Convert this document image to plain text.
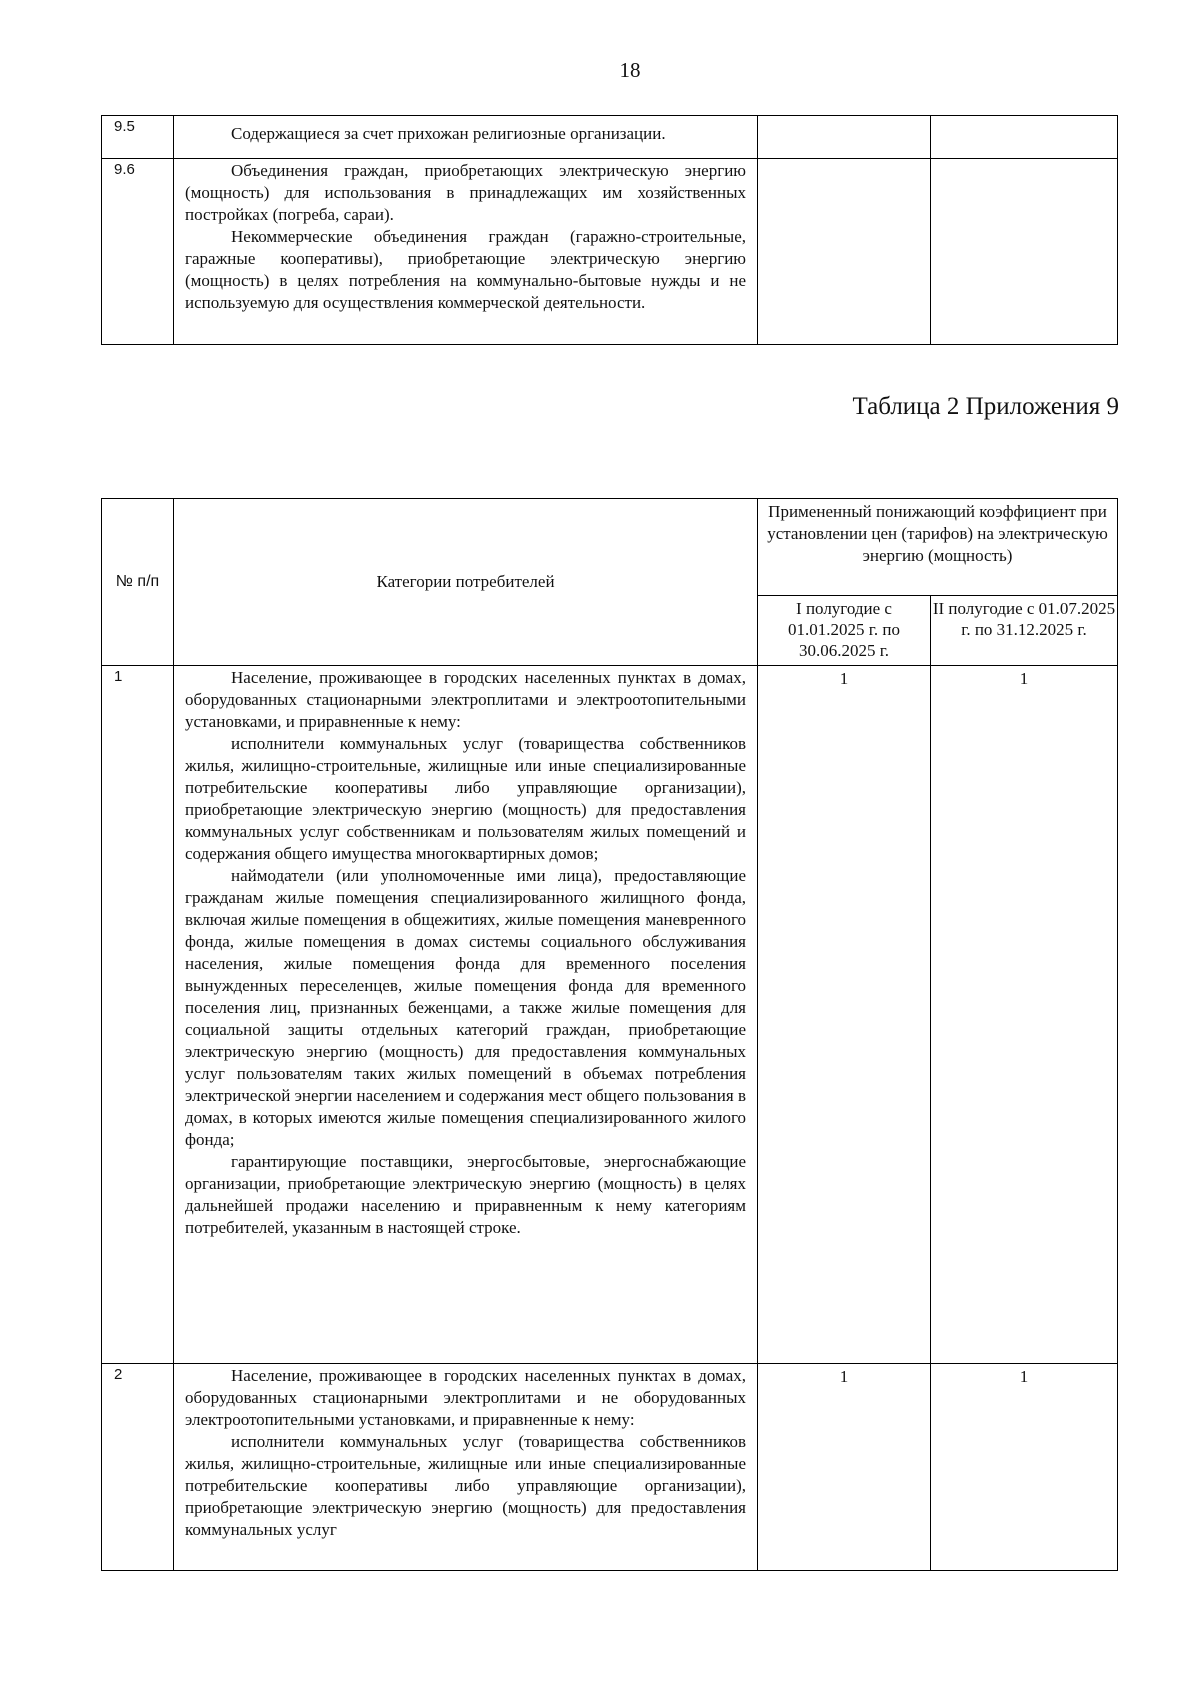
18
9.5	Содержащиеся за счет прихожан религиозные организации.		

9.6	Объединения граждан, приобретающих электрическую энергию (мощность) для использования в принадлежащих им хозяйственных постройках (погреба, сараи).

Некоммерческие объединения граждан (гаражно-строительные, гаражные кооперативы), приобретающие электрическую энергию (мощность) в целях потребления на коммунально-бытовые нужды и не используемую для осуществления коммерческой деятельности.		

Таблица 2 Приложения 9
№ п/п	Категории потребителей	Примененный понижающий коэффициент при установлении цен (тарифов) на электрическую энергию (мощность)	
		I полугодие с 01.01.2025 г. по 30.06.2025 г.	II полугодие с 01.07.2025 г. по 31.12.2025 г.

1	Население, проживающее в городских населенных пунктах в домах, оборудованных стационарными электроплитами и электроотопительными установками, и приравненные к нему:

исполнители коммунальных услуг (товарищества собственников жилья, жилищно-строительные, жилищные или иные специализированные потребительские кооперативы либо управляющие организации), приобретающие электрическую энергию (мощность) для предоставления коммунальных услуг собственникам и пользователям жилых помещений и содержания общего имущества многоквартирных домов;

наймодатели (или уполномоченные ими лица), предоставляющие гражданам жилые помещения специализированного жилищного фонда, включая жилые помещения в общежитиях, жилые помещения маневренного фонда, жилые помещения в домах системы социального обслуживания населения, жилые помещения фонда для временного поселения вынужденных переселенцев, жилые помещения фонда для временного поселения лиц, признанных беженцами, а также жилые помещения для социальной защиты отдельных категорий граждан, приобретающие электрическую энергию (мощность) для предоставления коммунальных услуг пользователям таких жилых помещений в объемах потребления электрической энергии населением и содержания мест общего пользования в домах, в которых имеются жилые помещения специализированного жилого фонда;

гарантирующие поставщики, энергосбытовые, энергоснабжающие организации, приобретающие электрическую энергию (мощность) в целях дальнейшей продажи населению и приравненным к нему категориям потребителей, указанным в настоящей строке.	1	1

2	Население, проживающее в городских населенных пунктах в домах, оборудованных стационарными электроплитами и не оборудованных электроотопительными установками, и приравненные к нему:

исполнители коммунальных услуг (товарищества собственников жилья, жилищно-строительные, жилищные или иные специализированные потребительские кооперативы либо управляющие организации), приобретающие электрическую энергию (мощность) для предоставления коммунальных услуг	1	1
